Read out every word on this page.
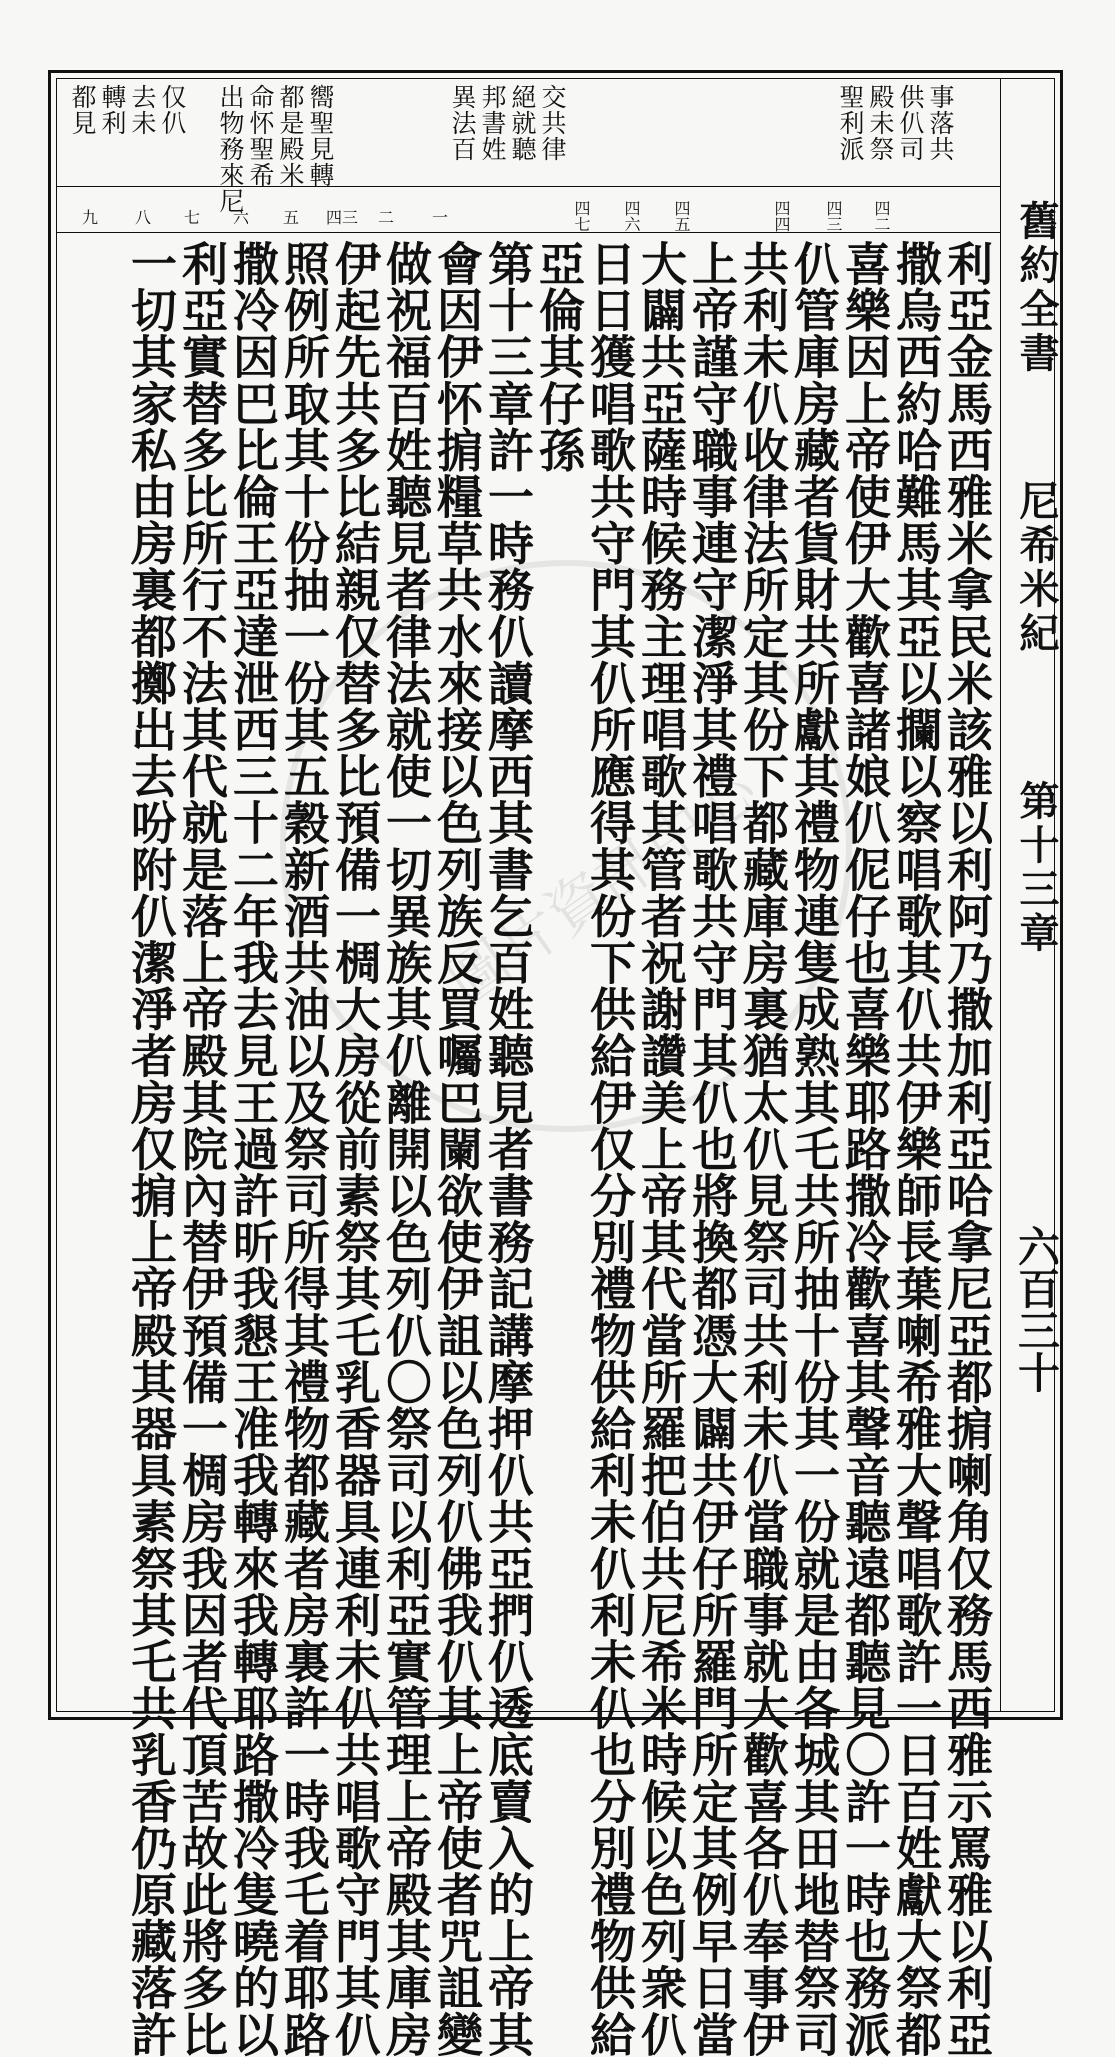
都見 轉利 去未 仅仈 出物務來尼 命怀聖希 都是殿米 嚮聖見轉	異法百 邦書姓 絕就聽 交共律	聖利派 殿未祭 供仈司 事落共
九 八 七 六 五 四三 二 一	四七 四六 四五	四四 四三 四二	舊約全書
尼希米紀
第十三章
六百三十
利亞金馬西雅米拿民米該雅以利阿乃撒加利亞哈拿尼亞都掮喇角仅務馬西雅示罵雅以利亞
撒烏西約哈難馬其亞以攔以察唱歌其仈共伊樂師長葉喇希雅大聲唱歌許一日百姓獻大祭都
喜樂因上帝使伊大歡喜諸娘仈伲仔也喜樂耶路撒冷歡喜其聲音聽遠都聽見〇許一時也務派
仈管庫房藏者貨財共所獻其禮物連隻成熟其乇共所抽十份其一份就是由各城其田地替祭司
共利未仈收律法所定其份下都藏庫房裏猶太仈見祭司共利未仈當職事就大歡喜各仈奉事伊
上帝謹守職事連守潔淨其禮唱歌共守門其仈也將換都憑大闢共伊仔所羅門所定其例早日當
大闢共亞薩時候務主理唱歌其管者祝謝讚美上帝其代當所羅把伯共尼希米時候以色列衆仈
日日獲唱歌共守門其仈所應得其份下供給伊仅分別禮物供給利未仈利未仈也分別禮物供給
亞倫其仔孫
第十三章許一時務仈讀摩西其書乞百姓聽見者書務記講摩押仈共亞捫仈透底賣入的上帝其
會因伊怀掮糧草共水來接以色列族反買囑巴闌欲使伊詛以色列仈佛我仈其上帝使者咒詛變
做祝福百姓聽見者律法就使一切異族其仈離開以色列仈〇祭司以利亞實管理上帝殿其庫房
伊起先共多比結親仅替多比預備一椆大房從前素祭其乇乳香器具連利未仈共唱歌守門其仈
照例所取其十份抽一份其五穀新酒共油以及祭司所得其禮物都藏者房裏許一時我乇着耶路
撒冷因巴比倫王亞達泄西三十二年我去見王過許昕我懇王准我轉來我轉耶路撒冷隻曉的以
利亞實替多比所行不法其代就是落上帝殿其院內替伊預備一椆房我因者代頂苦故此將多比
一切其家私由房裏都擲出去吩附仈潔淨者房仅掮上帝殿其器具素祭其乇共乳香仍原藏落許	圖片資訊中心
